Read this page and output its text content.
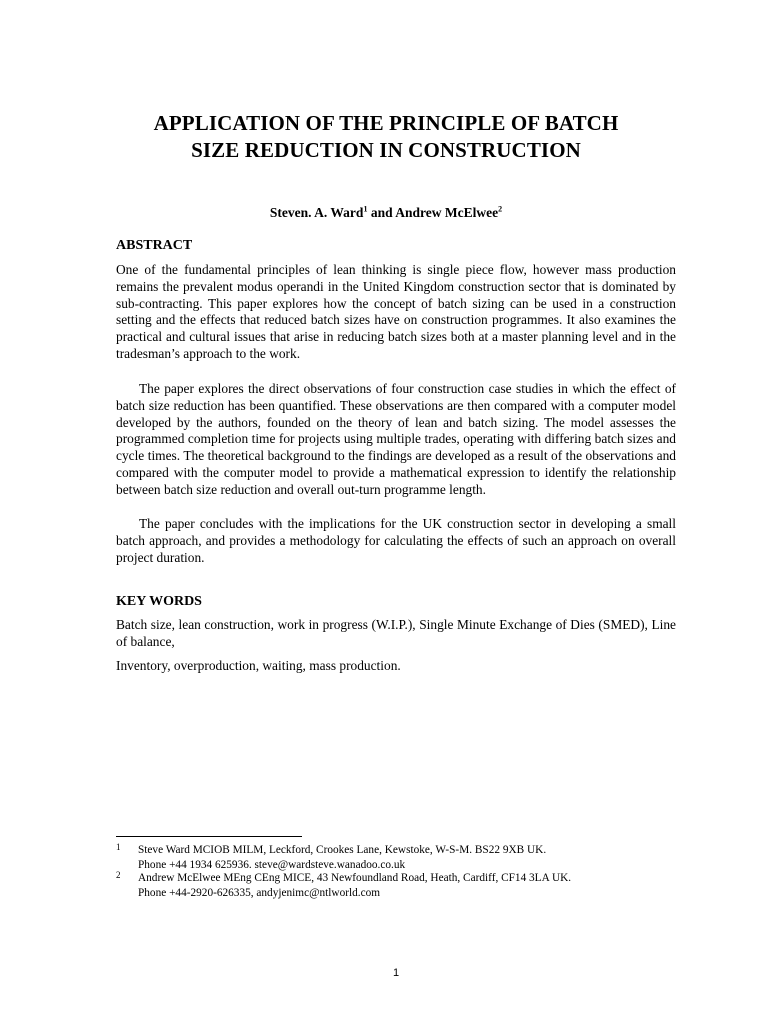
APPLICATION OF THE PRINCIPLE OF BATCH
SIZE REDUCTION IN CONSTRUCTION
Steven. A. Ward$^1$ and Andrew McElwee$^2$
ABSTRACT

One of the fundamental principles of lean thinking is single piece flow, however mass production remains the prevalent modus operandi in the United Kingdom construction sector that is dominated by sub-contracting. This paper explores how the concept of batch sizing can be used in a construction setting and the effects that reduced batch sizes have on construction programmes. It also examines the practical and cultural issues that arise in reducing batch sizes both at a master planning level and in the tradesman’s approach to the work.

The paper explores the direct observations of four construction case studies in which the effect of batch size reduction has been quantified. These observations are then compared with a computer model developed by the authors, founded on the theory of lean and batch sizing. The model assesses the programmed completion time for projects using multiple trades, operating with differing batch sizes and cycle times. The theoretical background to the findings are developed as a result of the observations and compared with the computer model to provide a mathematical expression to identify the relationship between batch size reduction and overall out-turn programme length.

The paper concludes with the implications for the UK construction sector in developing a small batch approach, and provides a methodology for calculating the effects of such an approach on overall project duration.

KEY WORDS

Batch size, lean construction, work in progress (W.I.P.), Single Minute Exchange of Dies (SMED), Line of balance,

Inventory, overproduction, waiting, mass production.

1 Steve Ward MCIOB MILM, Leckford, Crookes Lane, Kewstoke, W-S-M. BS22 9XB UK.
Phone +44 1934 625936. steve@wardsteve.wanadoo.co.uk
2 Andrew McElwee MEng CEng MICE, 43 Newfoundland Road, Heath, Cardiff, CF14 3LA UK.
Phone +44-2920-626335, andyjenimc@ntlworld.com
1
